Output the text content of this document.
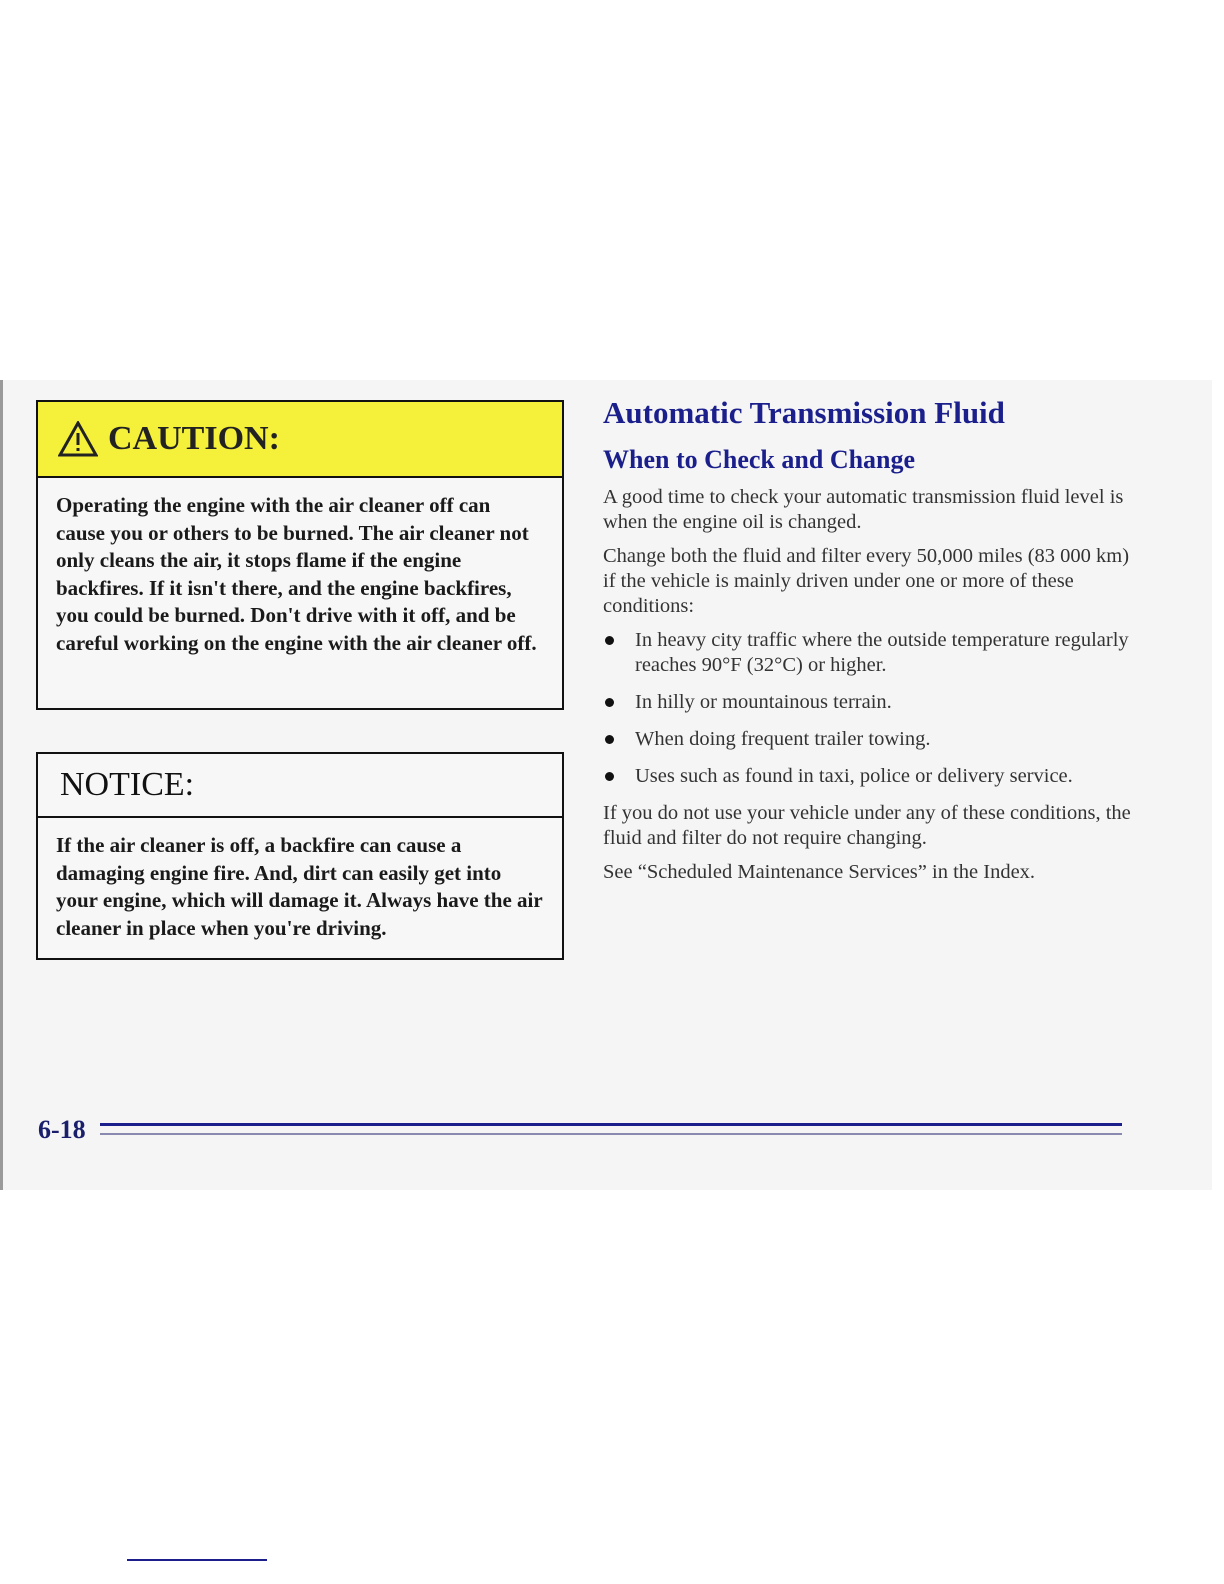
CAUTION:
Operating the engine with the air cleaner off can cause you or others to be burned. The air cleaner not only cleans the air, it stops flame if the engine backfires. If it isn't there, and the engine backfires, you could be burned. Don't drive with it off, and be careful working on the engine with the air cleaner off.
NOTICE:
If the air cleaner is off, a backfire can cause a damaging engine fire. And, dirt can easily get into your engine, which will damage it. Always have the air cleaner in place when you're driving.
Automatic Transmission Fluid
When to Check and Change

A good time to check your automatic transmission fluid level is when the engine oil is changed.

Change both the fluid and filter every 50,000 miles (83 000 km) if the vehicle is mainly driven under one or more of these conditions:

In heavy city traffic where the outside temperature regularly reaches 90°F (32°C) or higher.
In hilly or mountainous terrain.
When doing frequent trailer towing.
Uses such as found in taxi, police or delivery service.

If you do not use your vehicle under any of these conditions, the fluid and filter do not require changing.

See “Scheduled Maintenance Services” in the Index.

6-18
